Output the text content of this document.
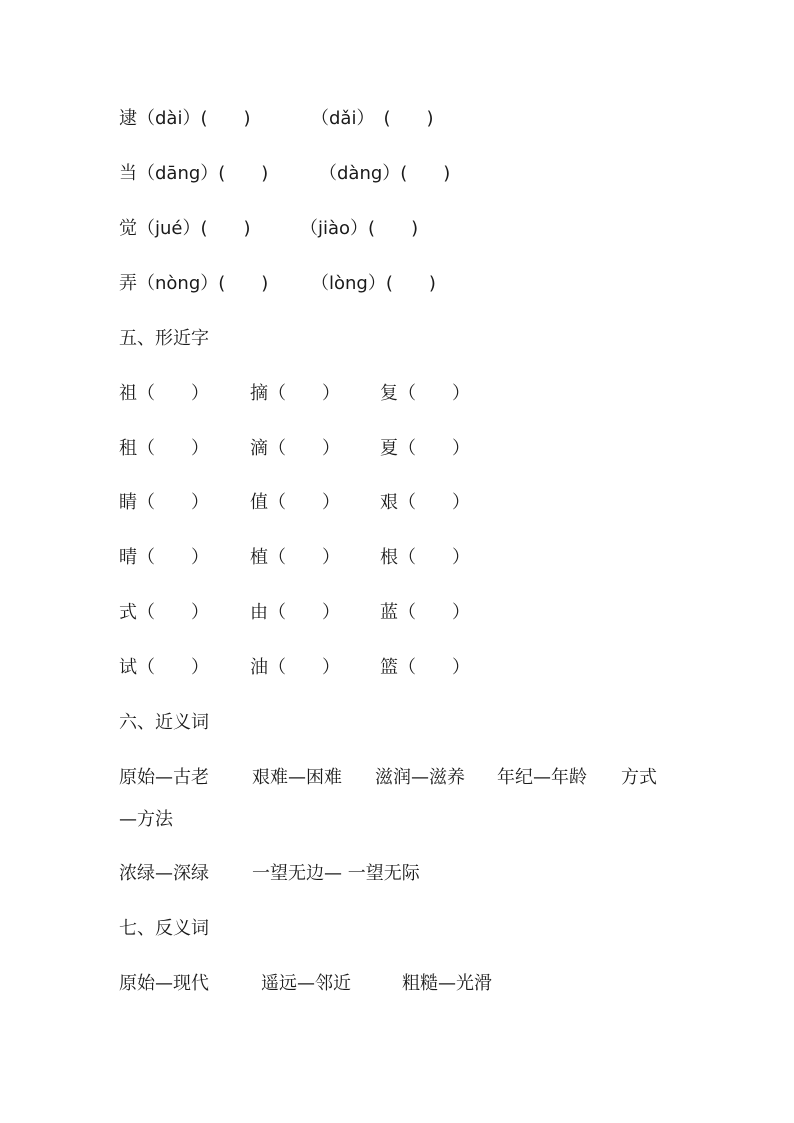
逮（dài）(　　)	（dǎi）　(　　)
当（dāng）(　　)	（dàng）(　　)
觉（jué）(　　)	（jiào）(　　)
弄（nòng）(　　) （lòng）(　　)
五、形近字
祖（　　） 摘（　　） 复（　　）
租（　　） 滴（　　） 夏（　　）
睛（　　） 值（　　） 艰（　　）
晴（　　） 植（　　） 根（　　）
式（　　） 由（　　） 蓝（　　）
试（　　） 油（　　） 篮（　　）
六、近义词
原始—古老 艰难—困难 滋润—滋养 年纪—年龄 方式
—方法
浓绿—深绿 一望无边— 一望无际
七、反义词
原始—现代	遥远—邻近	粗糙—光滑
